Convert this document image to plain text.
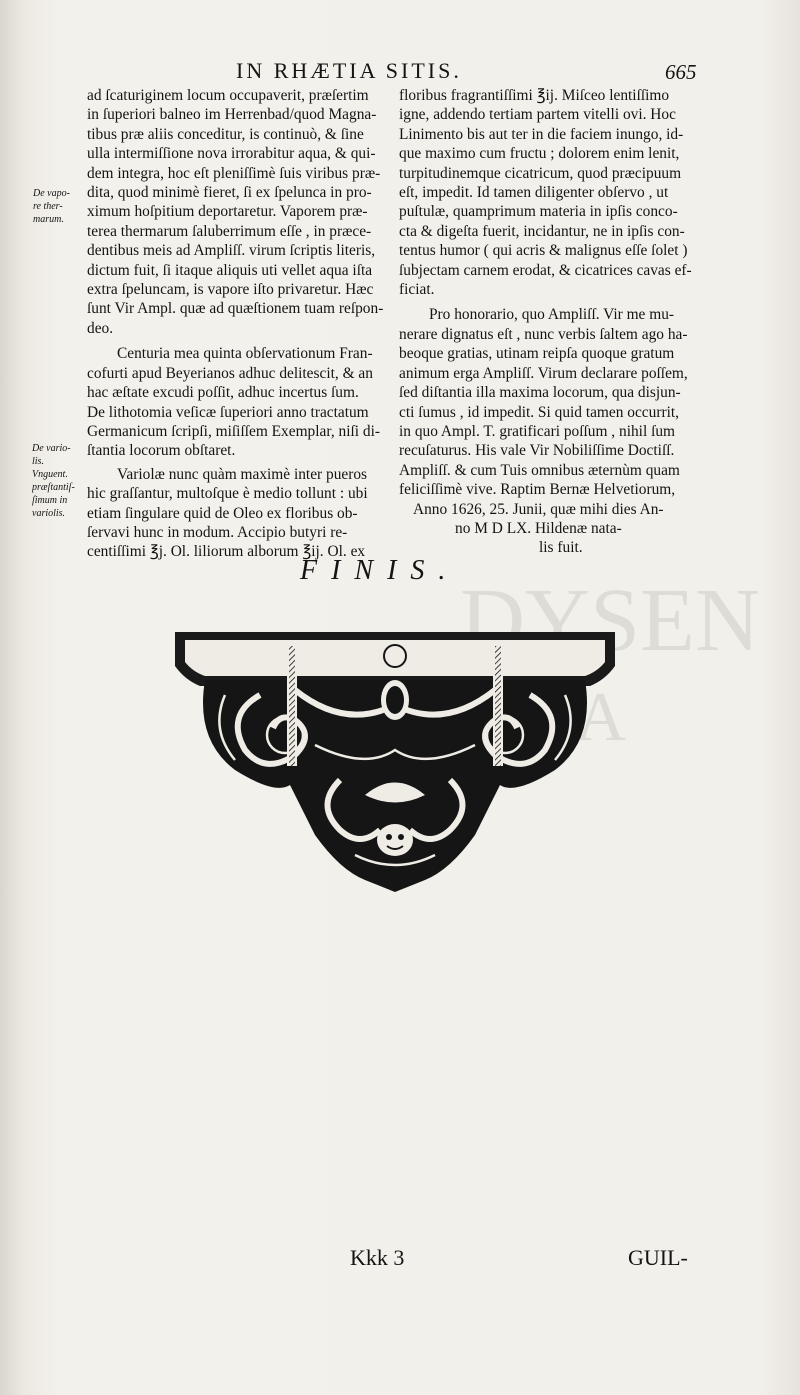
IN RHÆTIA SITIS.	665
ad ſcaturiginem locum occupaverit, præſertim
in ſuperiori balneo im Herrenbad/quod Magna-
tibus præ aliis conceditur, is continuò, & ſine
ulla intermiſſione nova irrorabitur aqua, & qui-
dem integra, hoc eſt pleniſſimè ſuis viribus præ-
dita, quod minimè fieret, ſi ex ſpelunca in pro-
ximum hoſpitium deportaretur. Vaporem præ-
terea thermarum ſaluberrimum eſſe , in præce-
dentibus meis ad Ampliſſ. virum ſcriptis literis,
dictum fuit, ſi itaque aliquis uti vellet aqua iſta
extra ſpeluncam, is vapore iſto privaretur. Hæc
ſunt Vir Ampl. quæ ad quæſtionem tuam reſpon-
deo.
Centuria mea quinta obſervationum Fran-
cofurti apud Beyerianos adhuc delitescit, & an
hac æſtate excudi poſſit, adhuc incertus ſum.
De lithotomia veſicæ ſuperiori anno tractatum
Germanicum ſcripſi, miſiſſem Exemplar, niſi di-
ſtantia locorum obſtaret.
Variolæ nunc quàm maximè inter pueros
hic graſſantur, multoſque è medio tollunt : ubi
etiam ſingulare quid de Oleo ex floribus ob-
ſervavi hunc in modum. Accipio butyri re-
centiſſimi ℥j. Ol. liliorum alborum ℥ij. Ol. ex
De vapo-
re ther-
marum.
De vario-
lis.
Vnguent.
præſtantiſ-
ſimum in
variolis.
floribus fragrantiſſimi ℥ij. Miſceo lentiſſimo
igne, addendo tertiam partem vitelli ovi. Hoc
Linimento bis aut ter in die faciem inungo, id-
que maximo cum fructu ; dolorem enim lenit,
turpitudinemque cicatricum, quod præcipuum
eſt, impedit. Id tamen diligenter obſervo , ut
puſtulæ, quamprimum materia in ipſis conco-
cta & digeſta fuerit, incidantur, ne in ipſis con-
tentus humor ( qui acris & malignus eſſe ſolet )
ſubjectam carnem erodat, & cicatrices cavas ef-
ficiat.
Pro honorario, quo Ampliſſ. Vir me mu-
nerare dignatus eſt , nunc verbis ſaltem ago ha-
beoque gratias, utinam reipſa quoque gratum
animum erga Ampliſſ. Virum declarare poſſem,
ſed diſtantia illa maxima locorum, qua disjun-
cti ſumus , id impedit. Si quid tamen occurrit,
in quo Ampl. T. gratificari poſſum , nihil ſum
recuſaturus. His vale Vir Nobiliſſime Doctiſſ.
Ampliſſ. & cum Tuis omnibus æternùm quam
feliciſſimè vive. Raptim Bernæ Helvetiorum,
Anno 1626, 25. Junii, quæ mihi dies An-
no M D LX. Hildenæ nata-
lis fuit.
DYSEN
FINIS.
Kkk 3	GUIL-
